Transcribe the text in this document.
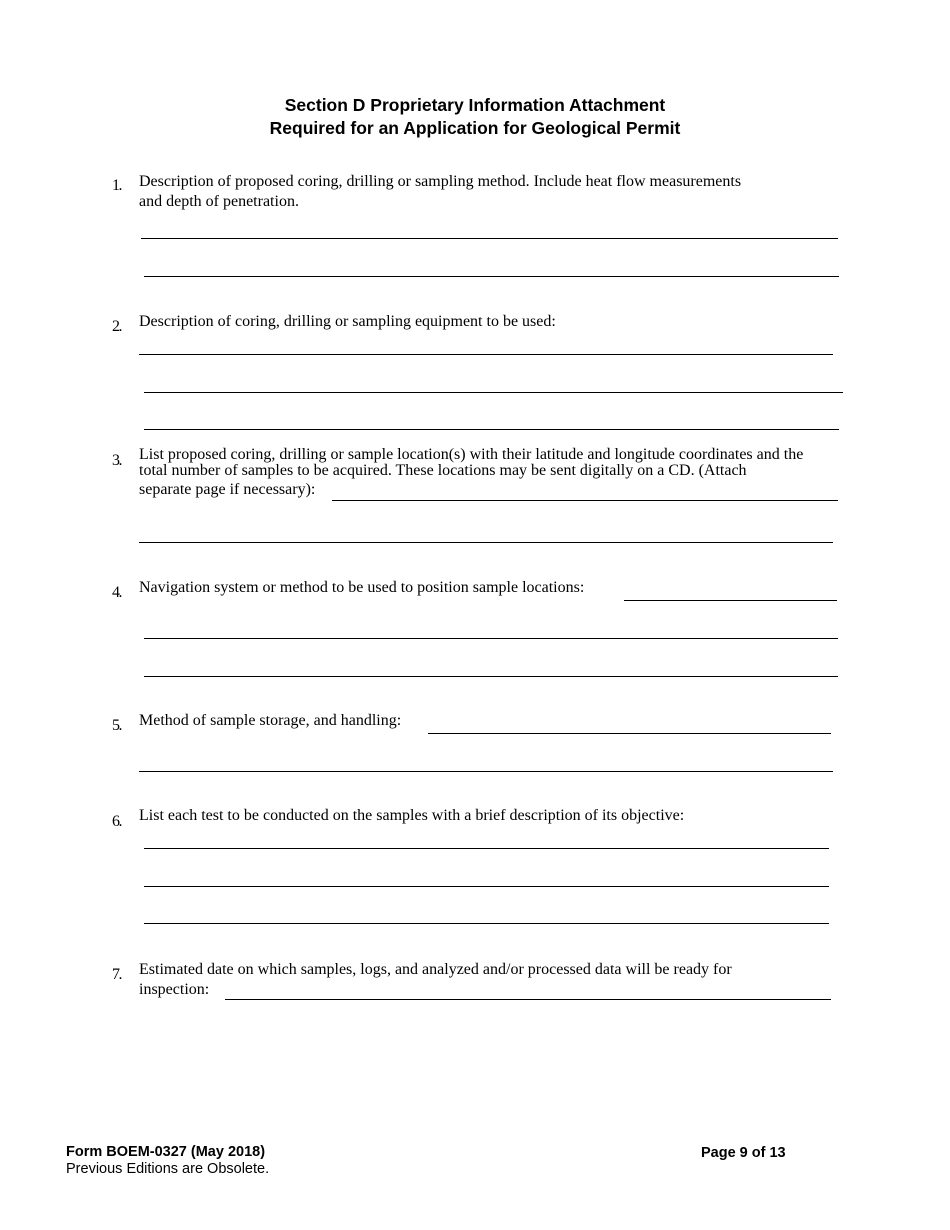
Section D Proprietary Information Attachment
Required for an Application for Geological Permit
1. Description of proposed coring, drilling or sampling method. Include heat flow measurements
and depth of penetration.
2. Description of coring, drilling or sampling equipment to be used:
3. List proposed coring, drilling or sample location(s) with their latitude and longitude coordinates and the
total number of samples to be acquired. These locations may be sent digitally on a CD. (Attach
separate page if necessary):
4. Navigation system or method to be used to position sample locations:
5. Method of sample storage, and handling:
6. List each test to be conducted on the samples with a brief description of its objective:
7. Estimated date on which samples, logs, and analyzed and/or processed data will be ready for
inspection:
Form BOEM-0327 (May 2018)
Previous Editions are Obsolete.
Page 9 of 13
